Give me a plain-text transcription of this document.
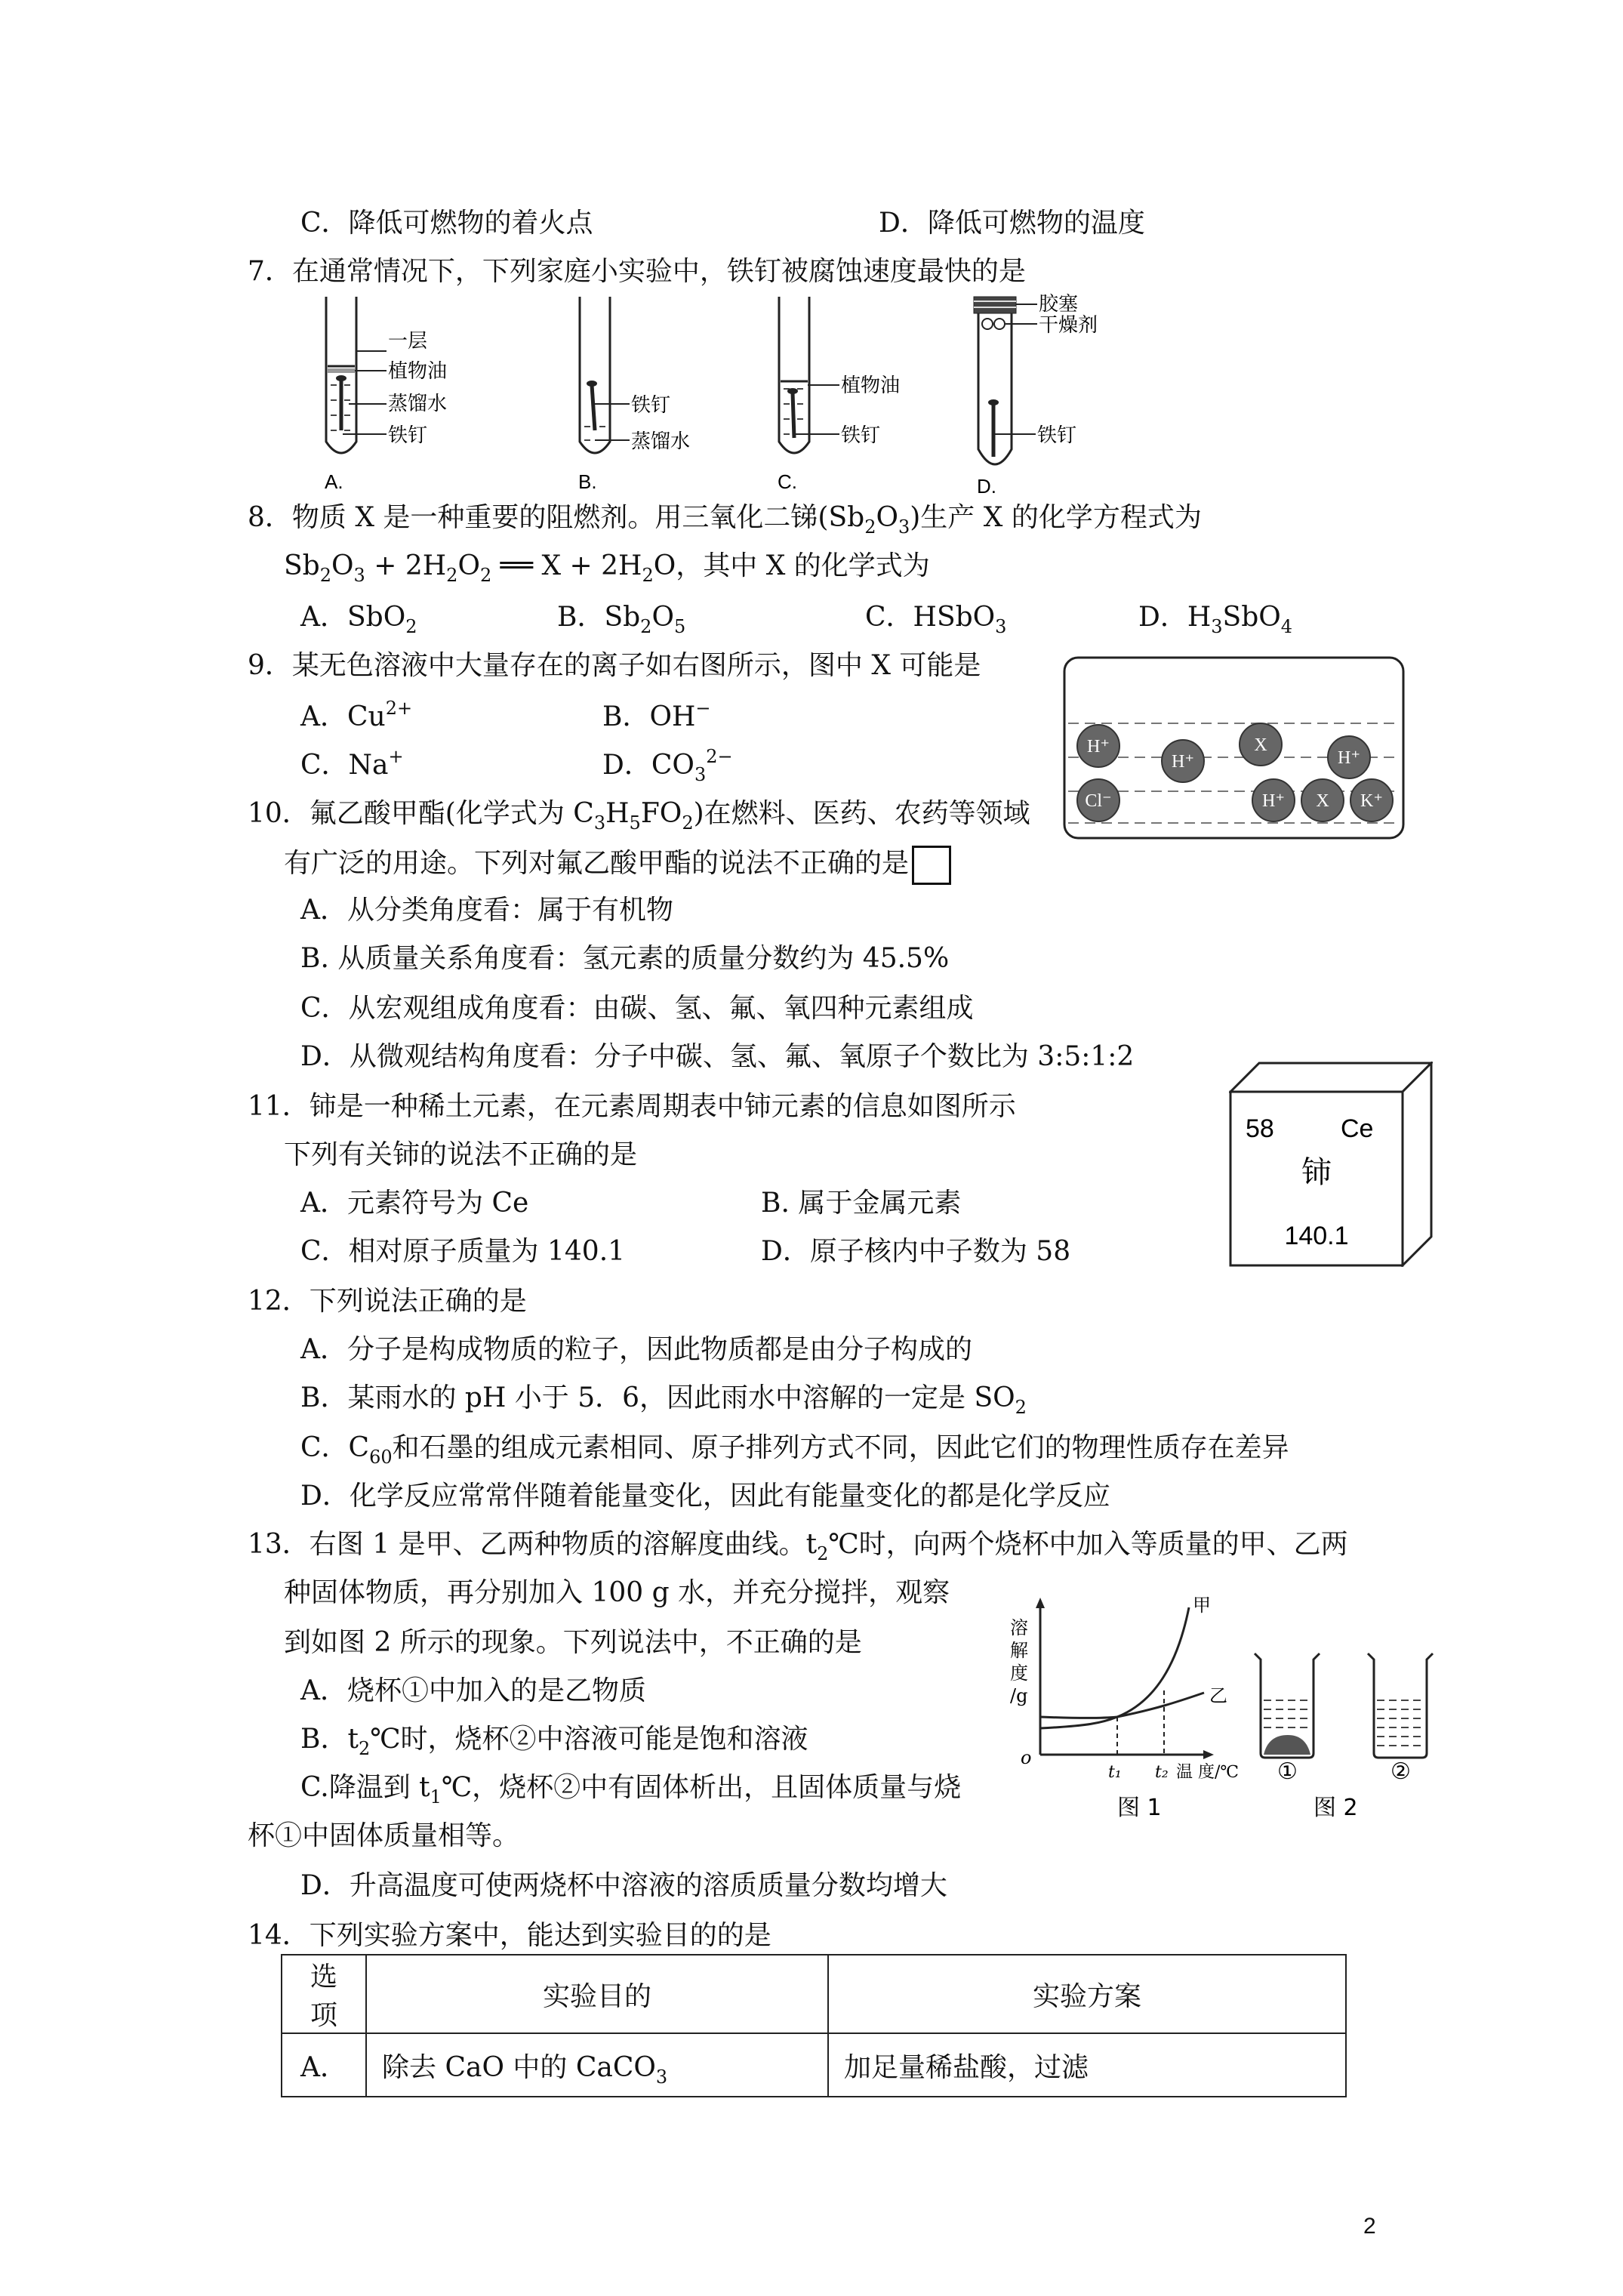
C．降低可燃物的着火点	D．降低可燃物的温度
7．在通常情况下，下列家庭小实验中，铁钉被腐蚀速度最快的是
一层
植物油
蒸馏水
铁钉
A.
铁钉
蒸馏水
B.
植物油
铁钉
C.
胶塞
干燥剂
铁钉
D.
8．物质 X 是一种重要的阻燃剂。用三氧化二锑$(Sb_2O_3)$生产 X 的化学方程式为
$Sb_2O_3 + 2H_2O_2$ ══ $X + 2H_2O$，其中 X 的化学式为
A．SbO$_2$	B．$Sb_2O_5$	C．HSbO$_3$	D．$H_3SbO_4$
9．某无色溶液中大量存在的离子如右图所示，图中 X 可能是
A．$Cu^{2+}$	B．OH−
C．Na+	D．$CO_3^{2-}$	H⁺
H⁺
X
H⁺
Cl⁻	H⁺ X K⁺
10．氟乙酸甲酯(化学式为 $C_3H_5FO_2$)在燃料、医药、农药等领域
有广泛的用途。下列对氟乙酸甲酯的说法不正确的是
A．从分类角度看：属于有机物
B. 从质量关系角度看：氢元素的质量分数约为 45.5%
C．从宏观组成角度看：由碳、氢、氟、氧四种元素组成
D．从微观结构角度看：分子中碳、氢、氟、氧原子个数比为 3:5:1:2
11．铈是一种稀土元素，在元素周期表中铈元素的信息如图所示
下列有关铈的说法不正确的是
A．元素符号为 Ce	B. 属于金属元素
C．相对原子质量为 140.1	D．原子核内中子数为 58
58	Ce
铈
140.1
12．下列说法正确的是
A．分子是构成物质的粒子，因此物质都是由分子构成的
B．某雨水的 pH 小于 5．6，因此雨水中溶解的一定是 $SO_2$
C．$C_{60}$和石墨的组成元素相同、原子排列方式不同，因此它们的物理性质存在差异
D．化学反应常常伴随着能量变化，因此有能量变化的都是化学反应
13．右图 1 是甲、乙两种物质的溶解度曲线。$t_2℃$时，向两个烧杯中加入等质量的甲、乙两
种固体物质，再分别加入 100 g 水，并充分搅拌，观察
到如图 2 所示的现象。下列说法中，不正确的是
A．烧杯①中加入的是乙物质
B．$t_2℃$时，烧杯②中溶液可能是饱和溶液
C.降温到 $t_1℃$，烧杯②中有固体析出，且固体质量与烧
杯①中固体质量相等。
D．升高温度可使两烧杯中溶液的溶质质量分数均增大
溶
解
度
/g
o
甲
乙
t₁ t₂ 温 度/℃
图 1
①	②
图 2
14．下列实验方案中，能达到实验目的的是
选项	实验目的	实验方案
A．	除去 CaO 中的 CaCO$_3$	加足量稀盐酸，过滤
2
